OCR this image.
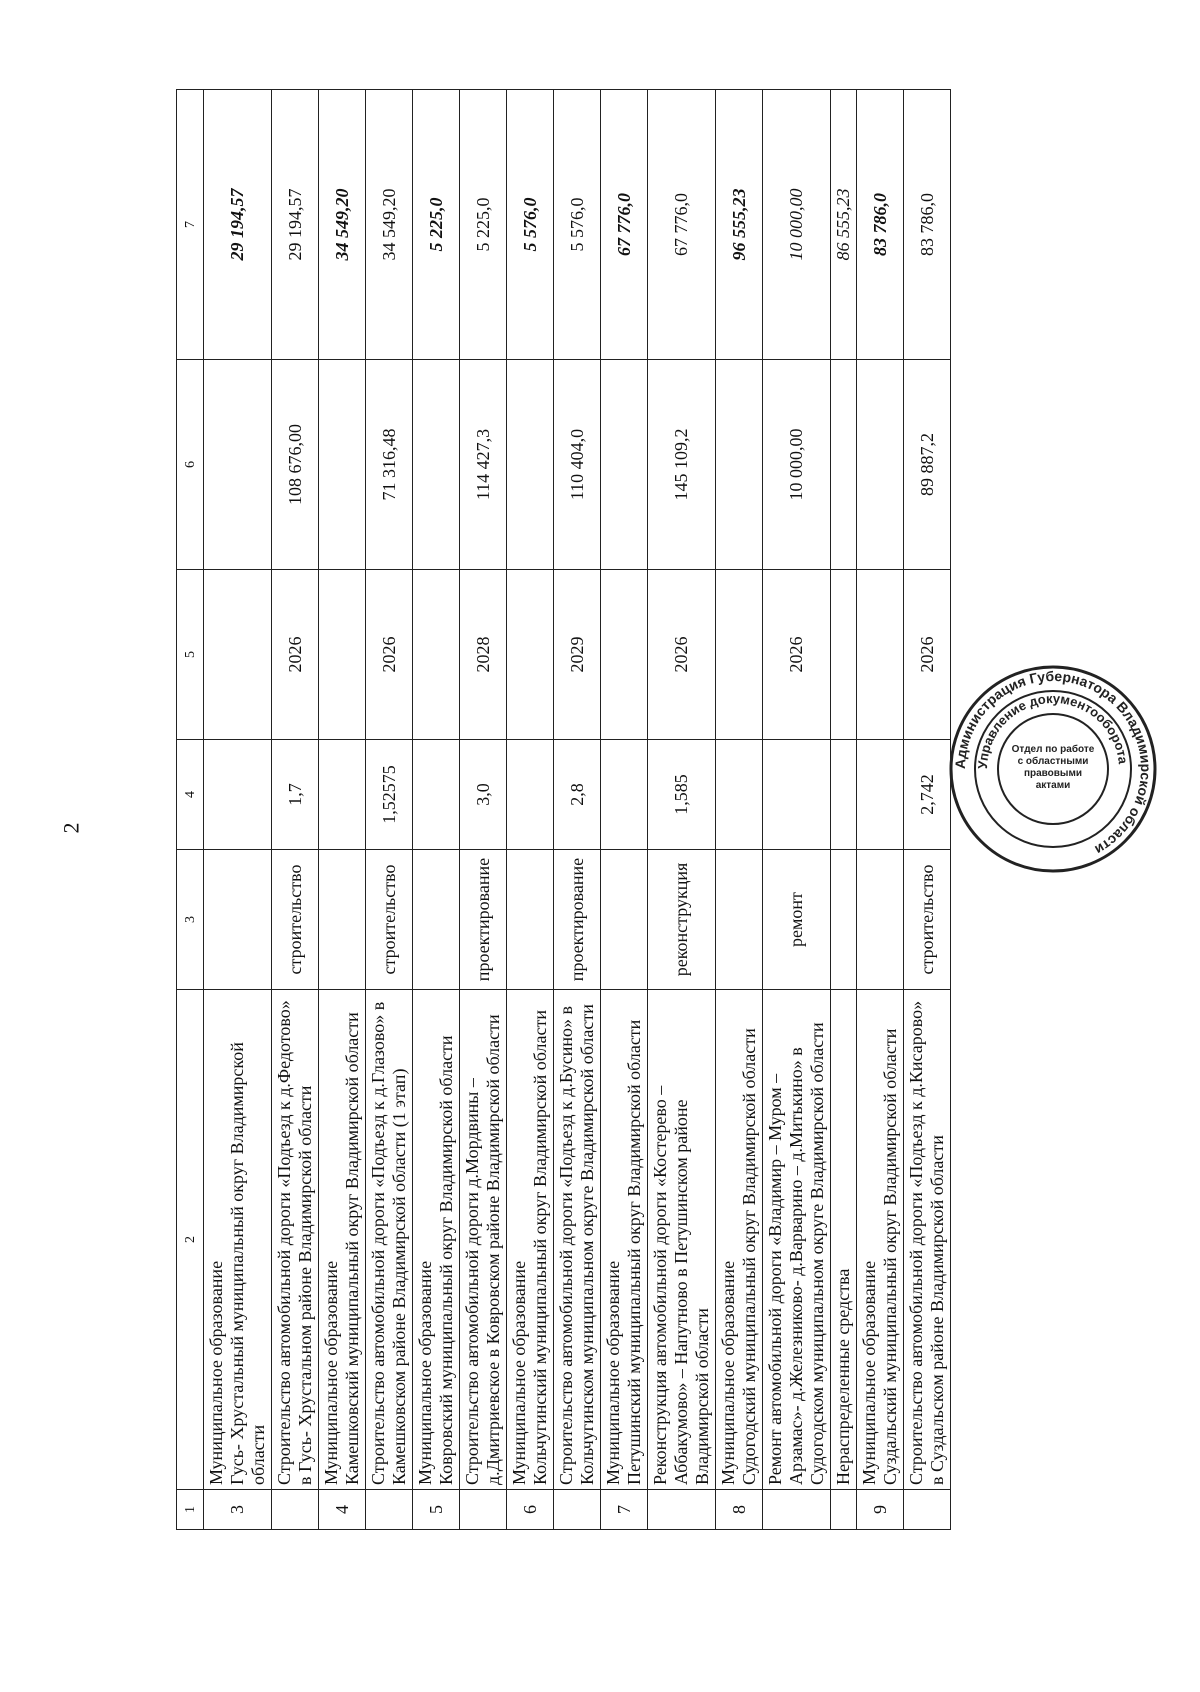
2
1	2	3	4	5	6	7
3	Муниципальное образование Гусь- Хрустальный муниципальный округ Владимирской области					29 194,57
	Строительство автомобильной дороги «Подъезд к д.Федотово» в Гусь- Хрустальном районе Владимирской области	строительство	1,7	2026	108 676,00	29 194,57
4	Муниципальное образование Камешковский муниципальный округ Владимирской области					34 549,20
	Строительство автомобильной дороги «Подъезд к д.Глазово» в Камешковском районе Владимирской области (1 этап)	строительство	1,52575	2026	71 316,48	34 549,20
5	Муниципальное образование Ковровский муниципальный округ Владимирской области					5 225,0
	Строительство автомобильной дороги д.Мордвины – д.Дмитриевское в Ковровском районе Владимирской области	проектирование	3,0	2028	114 427,3	5 225,0
6	Муниципальное образование Кольчугинский муниципальный округ Владимирской области					5 576,0
	Строительство автомобильной дороги «Подъезд к д.Бусино» в Кольчугинском муниципальном округе Владимирской области	проектирование	2,8	2029	110 404,0	5 576,0
7	Муниципальное образование Петушинский муниципальный округ Владимирской области					67 776,0
	Реконструкция автомобильной дороги «Костерево – Аббакумово» – Напутново в Петушинском районе Владимирской области	реконструкция	1,585	2026	145 109,2	67 776,0
8	Муниципальное образование Судогодский муниципальный округ Владимирской области					96 555,23
	Ремонт автомобильной дороги «Владимир – Муром – Арзамас»- д.Железниково- д.Варварино – д.Митькино» в Судогодском муниципальном округе Владимирской области	ремонт		2026	10 000,00	10 000,00
	Нераспределенные средства					86 555,23
9	Муниципальное образование Суздальский муниципальный округ Владимирской области					83 786,0
	Строительство автомобильной дороги «Подъезд к д.Кисарово» в Суздальском районе Владимирской области	строительство	2,742	2026	89 887,2	83 786,0
Администрация Губернатора Владимирской области
Управление документооборота
Отдел по работе с областными правовыми актами
